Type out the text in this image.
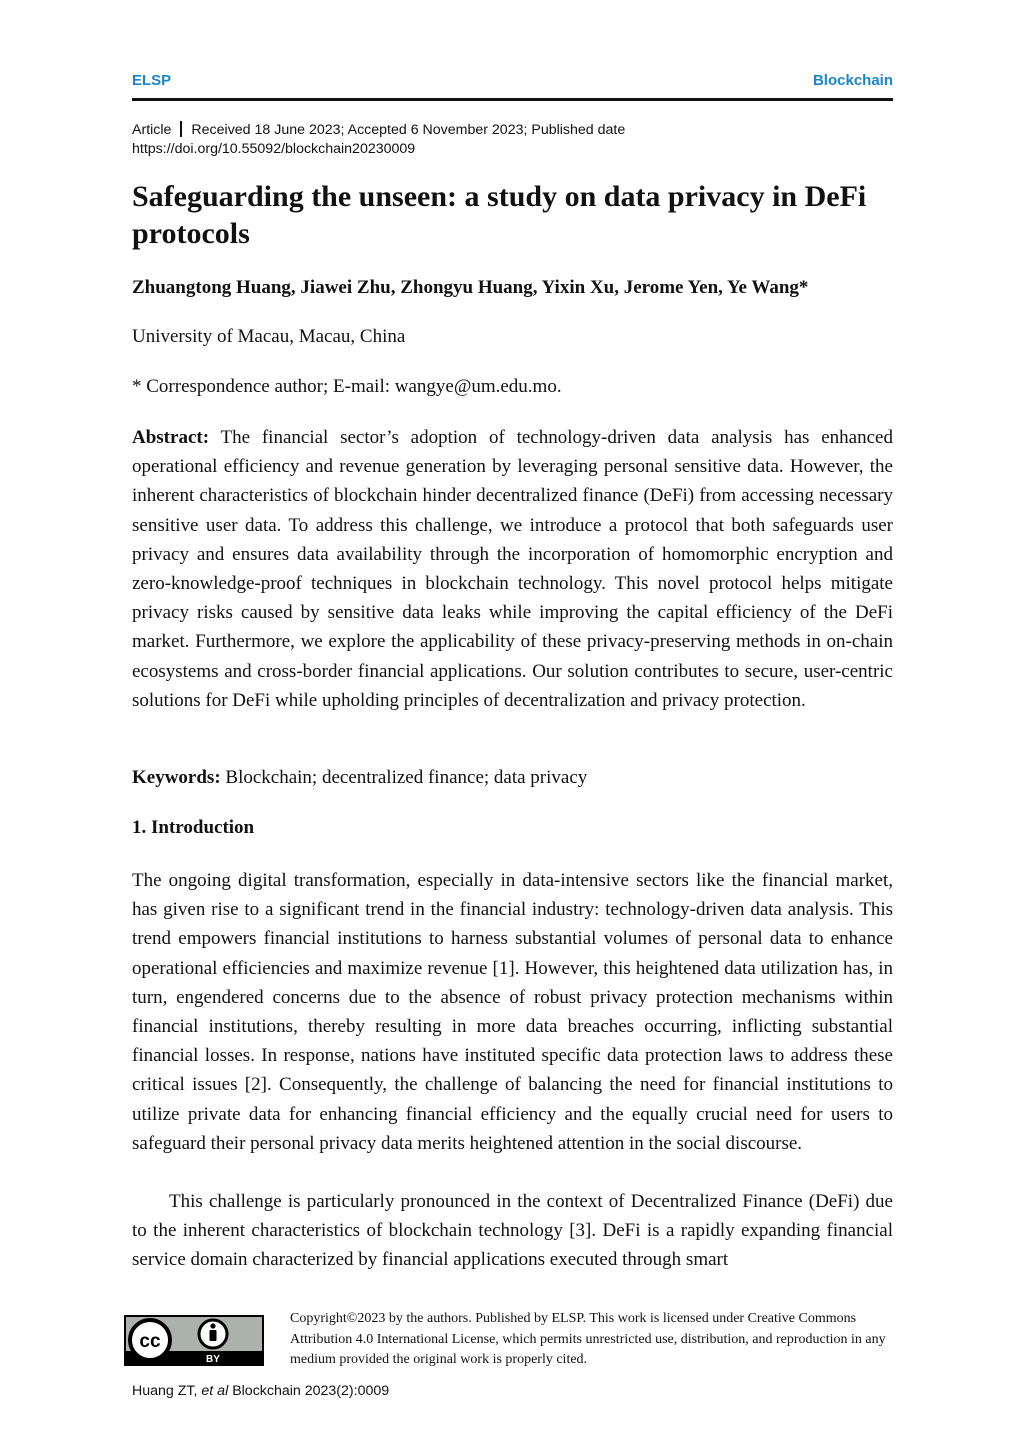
ELSP	Blockchain
Article Received 18 June 2023; Accepted 6 November 2023; Published date
https://doi.org/10.55092/blockchain20230009
Safeguarding the unseen: a study on data privacy in DeFi protocols
Zhuangtong Huang, Jiawei Zhu, Zhongyu Huang, Yixin Xu, Jerome Yen, Ye Wang*
University of Macau, Macau, China
* Correspondence author; E-mail: wangye@um.edu.mo.

Abstract: The financial sector’s adoption of technology-driven data analysis has enhanced operational efficiency and revenue generation by leveraging personal sensitive data. However, the inherent characteristics of blockchain hinder decentralized finance (DeFi) from accessing necessary sensitive user data. To address this challenge, we introduce a protocol that both safeguards user privacy and ensures data availability through the incorporation of homomorphic encryption and zero-knowledge-proof techniques in blockchain technology. This novel protocol helps mitigate privacy risks caused by sensitive data leaks while improving the capital efficiency of the DeFi market. Furthermore, we explore the applicability of these privacy-preserving methods in on-chain ecosystems and cross-border financial applications. Our solution contributes to secure, user-centric solutions for DeFi while upholding principles of decentralization and privacy protection.

Keywords: Blockchain; decentralized finance; data privacy
1. Introduction

The ongoing digital transformation, especially in data-intensive sectors like the financial market, has given rise to a significant trend in the financial industry: technology-driven data analysis. This trend empowers financial institutions to harness substantial volumes of personal data to enhance operational efficiencies and maximize revenue [1]. However, this heightened data utilization has, in turn, engendered concerns due to the absence of robust privacy protection mechanisms within financial institutions, thereby resulting in more data breaches occurring, inflicting substantial financial losses. In response, nations have instituted specific data protection laws to address these critical issues [2]. Consequently, the challenge of balancing the need for financial institutions to utilize private data for enhancing financial efficiency and the equally crucial need for users to safeguard their personal privacy data merits heightened attention in the social discourse.

This challenge is particularly pronounced in the context of Decentralized Finance (DeFi) due to the inherent characteristics of blockchain technology [3]. DeFi is a rapidly expanding financial service domain characterized by financial applications executed through smart

cc
BY
Copyright©2023 by the authors. Published by ELSP. This work is licensed under Creative Commons Attribution 4.0 International License, which permits unrestricted use, distribution, and reproduction in any medium provided the original work is properly cited.
Huang ZT, et al Blockchain 2023(2):0009
